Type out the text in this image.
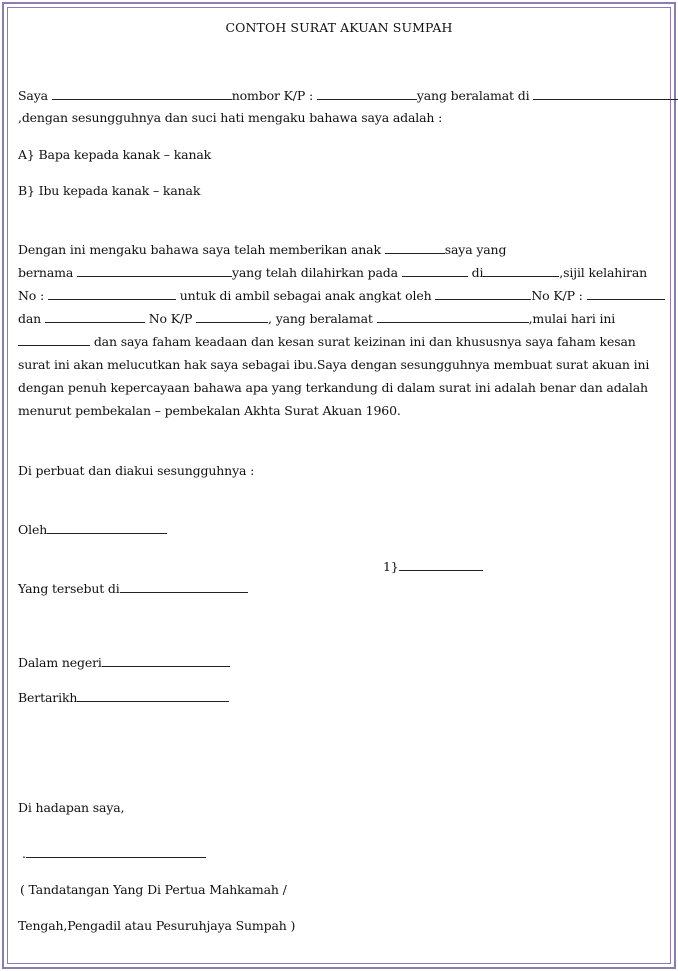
CONTOH SURAT AKUAN SUMPAH
Saya	nombor K/P :	yang beralamat di
,dengan sesungguhnya dan suci hati mengaku bahawa saya adalah :
A} Bapa kepada kanak – kanak
B} Ibu kepada kanak – kanak
Dengan ini mengaku bahawa saya telah memberikan anak	saya yang
bernama	yang telah dilahirkan pada	di	,sijil kelahiran
No :	untuk di ambil sebagai anak angkat oleh	No K/P :
dan	No K/P	, yang beralamat	,mulai hari ini
dan saya faham keadaan dan kesan surat keizinan ini dan khususnya saya faham kesan
surat ini akan melucutkan hak saya sebagai ibu.Saya dengan sesungguhnya membuat surat akuan ini
dengan penuh kepercayaan bahawa apa yang terkandung di dalam surat ini adalah benar dan adalah
menurut pembekalan – pembekalan Akhta Surat Akuan 1960.
Di perbuat dan diakui sesungguhnya :
Oleh
1}
Yang tersebut di
Dalam negeri
Bertarikh
Di hadapan saya,
.
( Tandatangan Yang Di Pertua Mahkamah /
Tengah,Pengadil atau Pesuruhjaya Sumpah )
